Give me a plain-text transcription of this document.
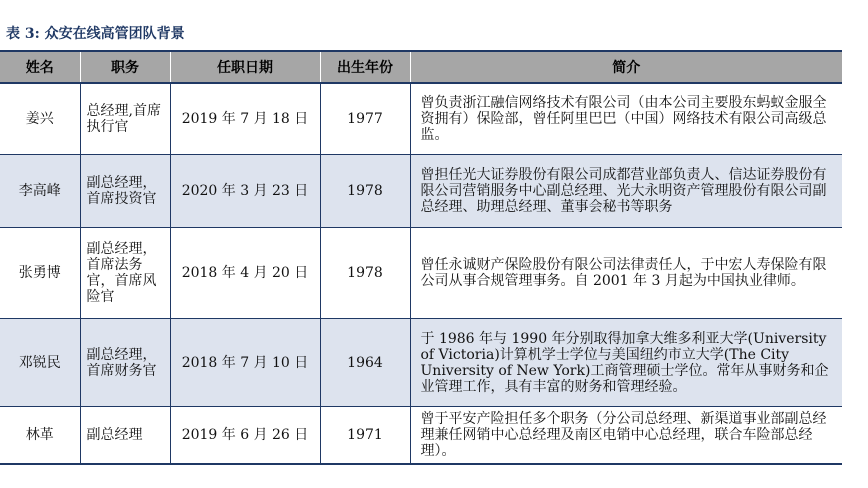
表 3: 众安在线高管团队背景
姓名	职务	任职日期	出生年份	简介
姜兴	总经理,首席执行官	2019 年 7 月 18 日	1977	曾负责浙江融信网络技术有限公司（由本公司主要股东蚂蚁金服全资拥有）保险部，曾任阿里巴巴（中国）网络技术有限公司高级总监。
李高峰	副总经理，首席投资官	2020 年 3 月 23 日	1978	曾担任光大证券股份有限公司成都营业部负责人、信达证券股份有限公司营销服务中心副总经理、光大永明资产管理股份有限公司副总经理、助理总经理、董事会秘书等职务
张勇博	副总经理，首席法务官，首席风险官	2018 年 4 月 20 日	1978	曾任永诚财产保险股份有限公司法律责任人，于中宏人寿保险有限公司从事合规管理事务。自 2001 年 3 月起为中国执业律师。
邓锐民	副总经理，首席财务官	2018 年 7 月 10 日	1964	于 1986 年与 1990 年分别取得加拿大维多利亚大学(University of Victoria)计算机学士学位与美国纽约市立大学(The City University of New York)工商管理硕士学位。常年从事财务和企业管理工作，具有丰富的财务和管理经验。
林革	副总经理	2019 年 6 月 26 日	1971	曾于平安产险担任多个职务（分公司总经理、新渠道事业部副总经理兼任网销中心总经理及南区电销中心总经理，联合车险部总经理）。
